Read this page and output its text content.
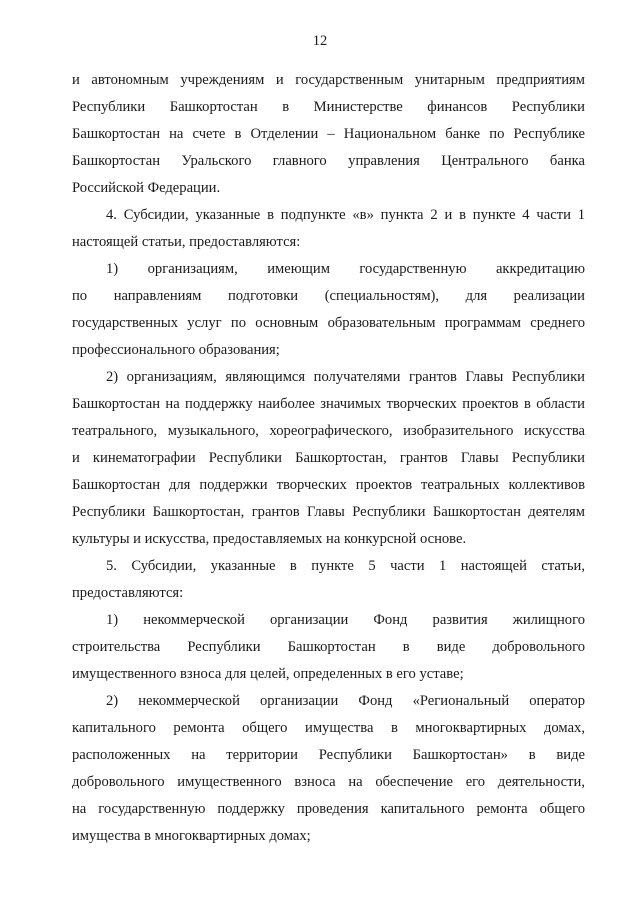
12
и автономным учреждениям и государственным унитарным предприятиям
Республики Башкортостан в Министерстве финансов Республики
Башкортостан на счете в Отделении – Национальном банке по Республике
Башкортостан Уральского главного управления Центрального банка
Российской Федерации.
4. Субсидии, указанные в подпункте «в» пункта 2 и в пункте 4 части 1
настоящей статьи, предоставляются:
1) организациям, имеющим государственную аккредитацию
по направлениям подготовки (специальностям), для реализации
государственных услуг по основным образовательным программам среднего
профессионального образования;
2) организациям, являющимся получателями грантов Главы Республики
Башкортостан на поддержку наиболее значимых творческих проектов в области
театрального, музыкального, хореографического, изобразительного искусства
и кинематографии Республики Башкортостан, грантов Главы Республики
Башкортостан для поддержки творческих проектов театральных коллективов
Республики Башкортостан, грантов Главы Республики Башкортостан деятелям
культуры и искусства, предоставляемых на конкурсной основе.
5. Субсидии, указанные в пункте 5 части 1 настоящей статьи,
предоставляются:
1) некоммерческой организации Фонд развития жилищного
строительства Республики Башкортостан в виде добровольного
имущественного взноса для целей, определенных в его уставе;
2) некоммерческой организации Фонд «Региональный оператор
капитального ремонта общего имущества в многоквартирных домах,
расположенных на территории Республики Башкортостан» в виде
добровольного имущественного взноса на обеспечение его деятельности,
на государственную поддержку проведения капитального ремонта общего
имущества в многоквартирных домах;
